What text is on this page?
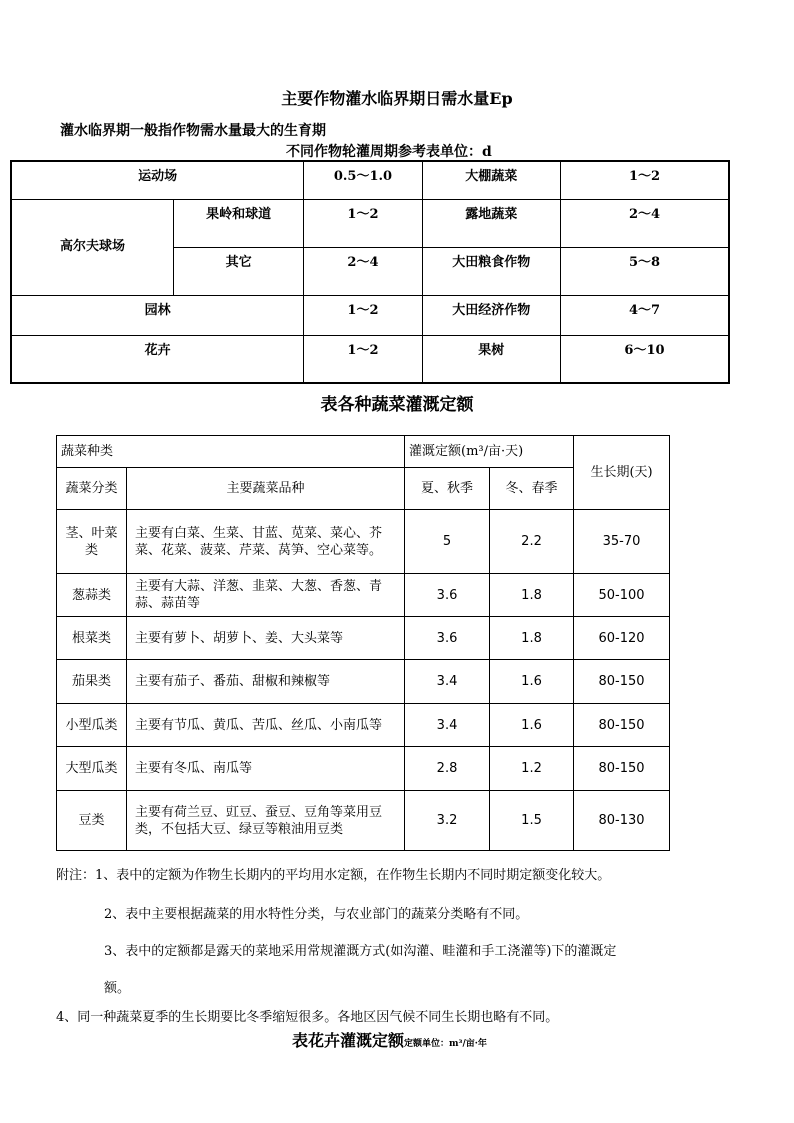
主要作物灌水临界期日需水量Ep
灌水临界期一般指作物需水量最大的生育期
不同作物轮灌周期参考表单位：d
运动场		0.5～1.0	大棚蔬菜	1～2
高尔夫球场	果岭和球道	1～2	露地蔬菜	2～4
	其它	2～4	大田粮食作物	5～8
园林		1～2	大田经济作物	4～7
花卉		1～2	果树	6～10
表各种蔬菜灌溉定额
蔬菜种类		灌溉定额(m³/亩·天)		生长期(天)
蔬菜分类	主要蔬菜品种	夏、秋季	冬、春季	
茎、叶菜类	主要有白菜、生菜、甘蓝、苋菜、菜心、芥菜、花菜、菠菜、芹菜、莴笋、空心菜等。	5	2.2	35-70
葱蒜类	主要有大蒜、洋葱、韭菜、大葱、香葱、青蒜、蒜苗等	3.6	1.8	50-100
根菜类	主要有萝卜、胡萝卜、姜、大头菜等	3.6	1.8	60-120
茄果类	主要有茄子、番茄、甜椒和辣椒等	3.4	1.6	80-150
小型瓜类	主要有节瓜、黄瓜、苦瓜、丝瓜、小南瓜等	3.4	1.6	80-150
大型瓜类	主要有冬瓜、南瓜等	2.8	1.2	80-150
豆类	主要有荷兰豆、豇豆、蚕豆、豆角等菜用豆类，不包括大豆、绿豆等粮油用豆类	3.2	1.5	80-130
附注：1、表中的定额为作物生长期内的平均用水定额，在作物生长期内不同时期定额变化较大。
2、表中主要根据蔬菜的用水特性分类，与农业部门的蔬菜分类略有不同。
3、表中的定额都是露天的菜地采用常规灌溉方式(如沟灌、畦灌和手工浇灌等)下的灌溉定
额。
4、同一种蔬菜夏季的生长期要比冬季缩短很多。各地区因气候不同生长期也略有不同。
表花卉灌溉定额定额单位：m³/亩·年
